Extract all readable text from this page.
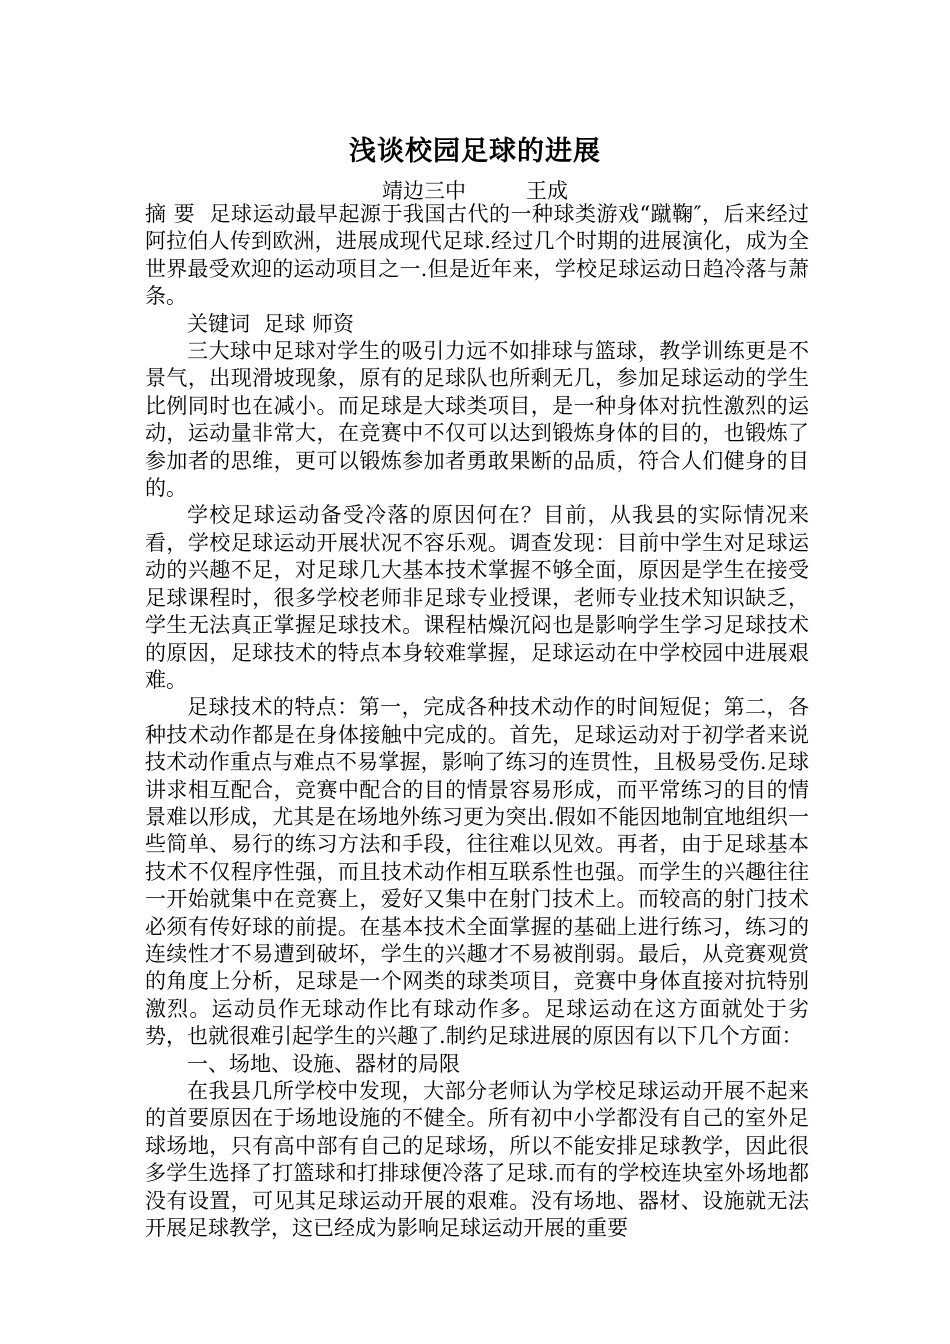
浅谈校园足球的进展
靖边三中	王成

摘 要 足球运动最早起源于我国古代的一种球类游戏“蹴鞠″，后来经过阿拉伯人传到欧洲，进展成现代足球.经过几个时期的进展演化，成为全世界最受欢迎的运动项目之一.但是近年来，学校足球运动日趋冷落与萧条。

关键词 足球 师资

三大球中足球对学生的吸引力远不如排球与篮球，教学训练更是不景气，出现滑坡现象，原有的足球队也所剩无几，参加足球运动的学生比例同时也在减小。而足球是大球类项目，是一种身体对抗性激烈的运动，运动量非常大，在竞赛中不仅可以达到锻炼身体的目的，也锻炼了参加者的思维，更可以锻炼参加者勇敢果断的品质，符合人们健身的目的。

学校足球运动备受冷落的原因何在？目前，从我县的实际情况来看，学校足球运动开展状况不容乐观。调查发现：目前中学生对足球运动的兴趣不足，对足球几大基本技术掌握不够全面，原因是学生在接受足球课程时，很多学校老师非足球专业授课，老师专业技术知识缺乏，学生无法真正掌握足球技术。课程枯燥沉闷也是影响学生学习足球技术的原因，足球技术的特点本身较难掌握，足球运动在中学校园中进展艰难。

足球技术的特点：第一，完成各种技术动作的时间短促；第二，各种技术动作都是在身体接触中完成的。首先，足球运动对于初学者来说技术动作重点与难点不易掌握，影响了练习的连贯性，且极易受伤.足球讲求相互配合，竞赛中配合的目的情景容易形成，而平常练习的目的情景难以形成，尤其是在场地外练习更为突出.假如不能因地制宜地组织一些简单、易行的练习方法和手段，往往难以见效。再者，由于足球基本技术不仅程序性强，而且技术动作相互联系性也强。而学生的兴趣往往一开始就集中在竞赛上，爱好又集中在射门技术上。而较高的射门技术必须有传好球的前提。在基本技术全面掌握的基础上进行练习，练习的连续性才不易遭到破坏，学生的兴趣才不易被削弱。最后，从竞赛观赏的角度上分析，足球是一个网类的球类项目，竞赛中身体直接对抗特别激烈。运动员作无球动作比有球动作多。足球运动在这方面就处于劣势，也就很难引起学生的兴趣了.制约足球进展的原因有以下几个方面：

一、场地、设施、器材的局限

在我县几所学校中发现，大部分老师认为学校足球运动开展不起来的首要原因在于场地设施的不健全。所有初中小学都没有自己的室外足球场地，只有高中部有自己的足球场，所以不能安排足球教学，因此很多学生选择了打篮球和打排球便冷落了足球.而有的学校连块室外场地都没有设置，可见其足球运动开展的艰难。没有场地、器材、设施就无法开展足球教学，这已经成为影响足球运动开展的重要
